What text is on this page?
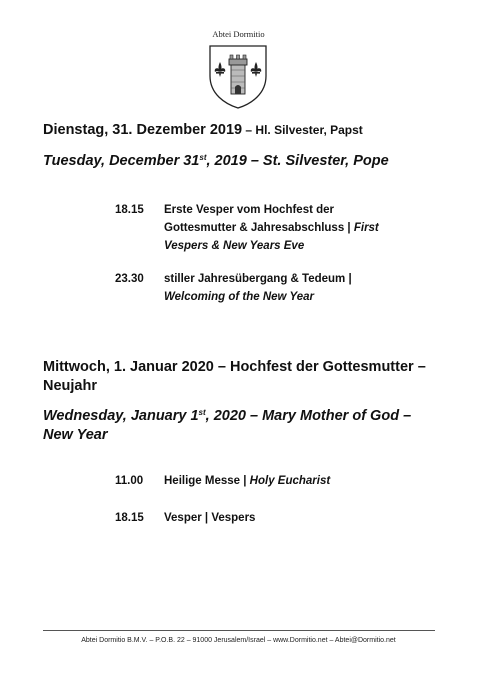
Abtei Dormitio
Dienstag, 31. Dezember 2019 – Hl. Silvester, Papst
Tuesday, December 31st, 2019 – St. Silvester, Pope
18.15	Erste Vesper vom Hochfest der Gottesmutter & Jahresabschluss | First Vespers & New Years Eve
23.30	stiller Jahresübergang & Tedeum | Welcoming of the New Year
Mittwoch, 1. Januar 2020 – Hochfest der Gottesmutter – Neujahr
Wednesday, January 1st, 2020 – Mary Mother of God – New Year
11.00	Heilige Messe | Holy Eucharist
18.15	Vesper | Vespers
Abtei Dormitio B.M.V. – P.O.B. 22 – 91000 Jerusalem/Israel – www.Dormitio.net – Abtei@Dormitio.net
